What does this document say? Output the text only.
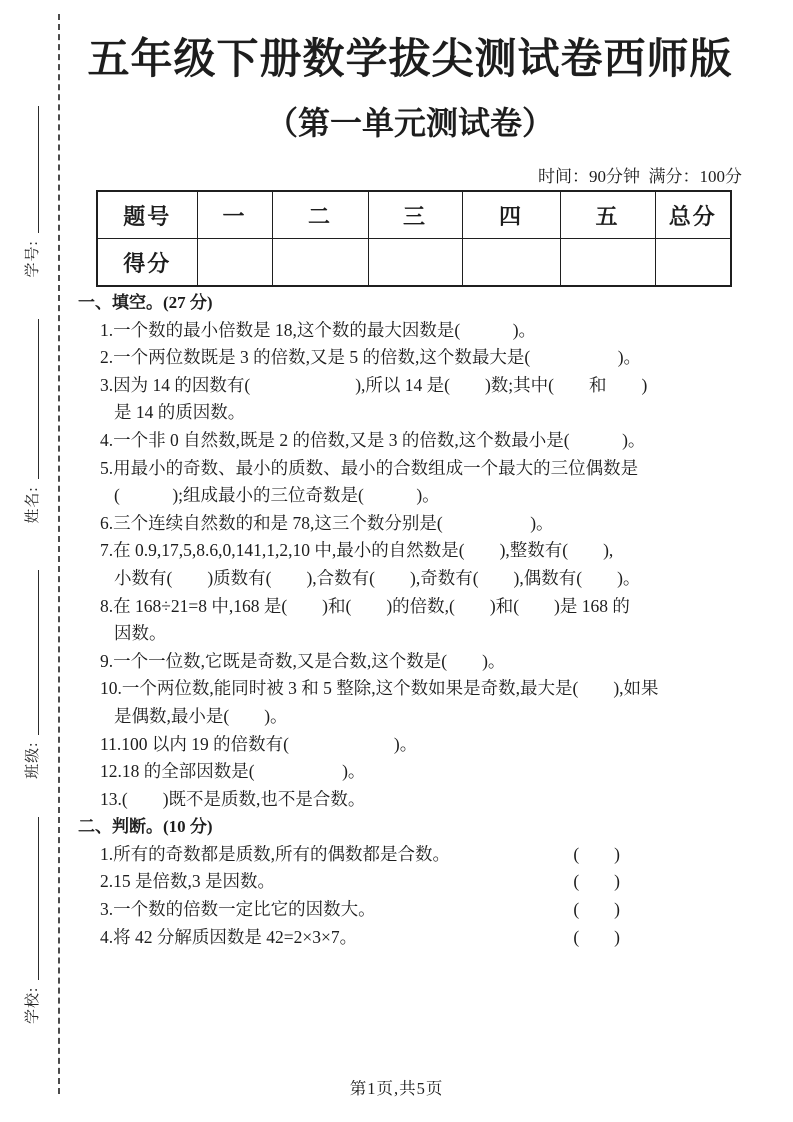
学校:
班级:
姓名:
学号:
五年级下册数学拔尖测试卷西师版
（第一单元测试卷）
时间：90分钟  满分：100分
题号	一	二	三	四	五	总分
得分						
一、填空。(27 分)
1.一个数的最小倍数是 18,这个数的最大因数是(　　　)。
2.一个两位数既是 3 的倍数,又是 5 的倍数,这个数最大是(　　　　　)。
3.因为 14 的因数有(　　　　　　),所以 14 是(　　)数;其中(　　和　　)
是 14 的质因数。
4.一个非 0 自然数,既是 2 的倍数,又是 3 的倍数,这个数最小是(　　　)。
5.用最小的奇数、最小的质数、最小的合数组成一个最大的三位偶数是
(　　　);组成最小的三位奇数是(　　　)。
6.三个连续自然数的和是 78,这三个数分别是(　　　　　)。
7.在 0.9,17,5,8.6,0,141,1,2,10 中,最小的自然数是(　　),整数有(　　),
小数有(　　)质数有(　　),合数有(　　),奇数有(　　),偶数有(　　)。
8.在 168÷21=8 中,168 是(　　)和(　　)的倍数,(　　)和(　　)是 168 的
因数。
9.一个一位数,它既是奇数,又是合数,这个数是(　　)。
10.一个两位数,能同时被 3 和 5 整除,这个数如果是奇数,最大是(　　),如果
是偶数,最小是(　　)。
11.100 以内 19 的倍数有(　　　　　　)。
12.18 的全部因数是(　　　　　)。
13.(　　)既不是质数,也不是合数。
二、判断。(10 分)
1.所有的奇数都是质数,所有的偶数都是合数。	(　　)
2.15 是倍数,3 是因数。	(　　)
3.一个数的倍数一定比它的因数大。	(　　)
4.将 42 分解质因数是 42=2×3×7。	(　　)
第1页,共5页
